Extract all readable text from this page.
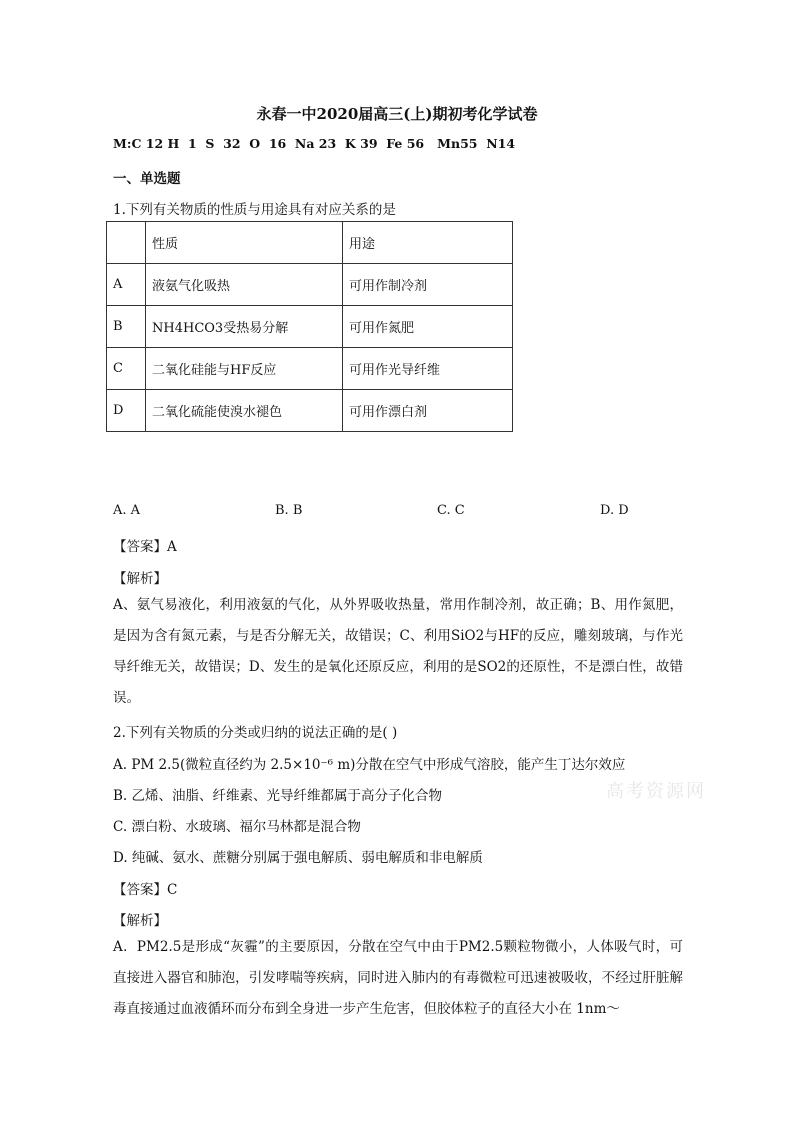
永春一中2020届高三(上)期初考化学试卷
M:C 12 H  1  S  32  O  16  Na 23  K 39  Fe 56   Mn55  N14
一、单选题
1.下列有关物质的性质与用途具有对应关系的是
	性质	用途
A	液氨气化吸热	可用作制冷剂
B	NH4HCO3受热易分解	可用作氮肥
C	二氧化硅能与HF反应	可用作光导纤维
D	二氧化硫能使溴水褪色	可用作漂白剂
A. A	B. B	C. C	D. D
【答案】A
【解析】

A、氨气易液化，利用液氨的气化，从外界吸收热量，常用作制冷剂，故正确；B、用作氮肥，是因为含有氮元素，与是否分解无关，故错误；C、利用SiO2与HF的反应，雕刻玻璃，与作光导纤维无关，故错误；D、发生的是氧化还原反应，利用的是SO2的还原性，不是漂白性，故错误。

2.下列有关物质的分类或归纳的说法正确的是( )
A. PM 2.5(微粒直径约为 2.5×10⁻⁶ m)分散在空气中形成气溶胶，能产生丁达尔效应
B. 乙烯、油脂、纤维素、光导纤维都属于高分子化合物
C. 漂白粉、水玻璃、福尔马林都是混合物
D. 纯碱、氨水、蔗糖分别属于强电解质、弱电解质和非电解质
【答案】C
【解析】

A．PM2.5是形成“灰霾”的主要原因，分散在空气中由于PM2.5颗粒物微小，人体吸气时，可直接进入器官和肺泡，引发哮喘等疾病，同时进入肺内的有毒微粒可迅速被吸收，不经过肝脏解毒直接通过血液循环而分布到全身进一步产生危害，但胶体粒子的直径大小在 1nm～

高考资源网
